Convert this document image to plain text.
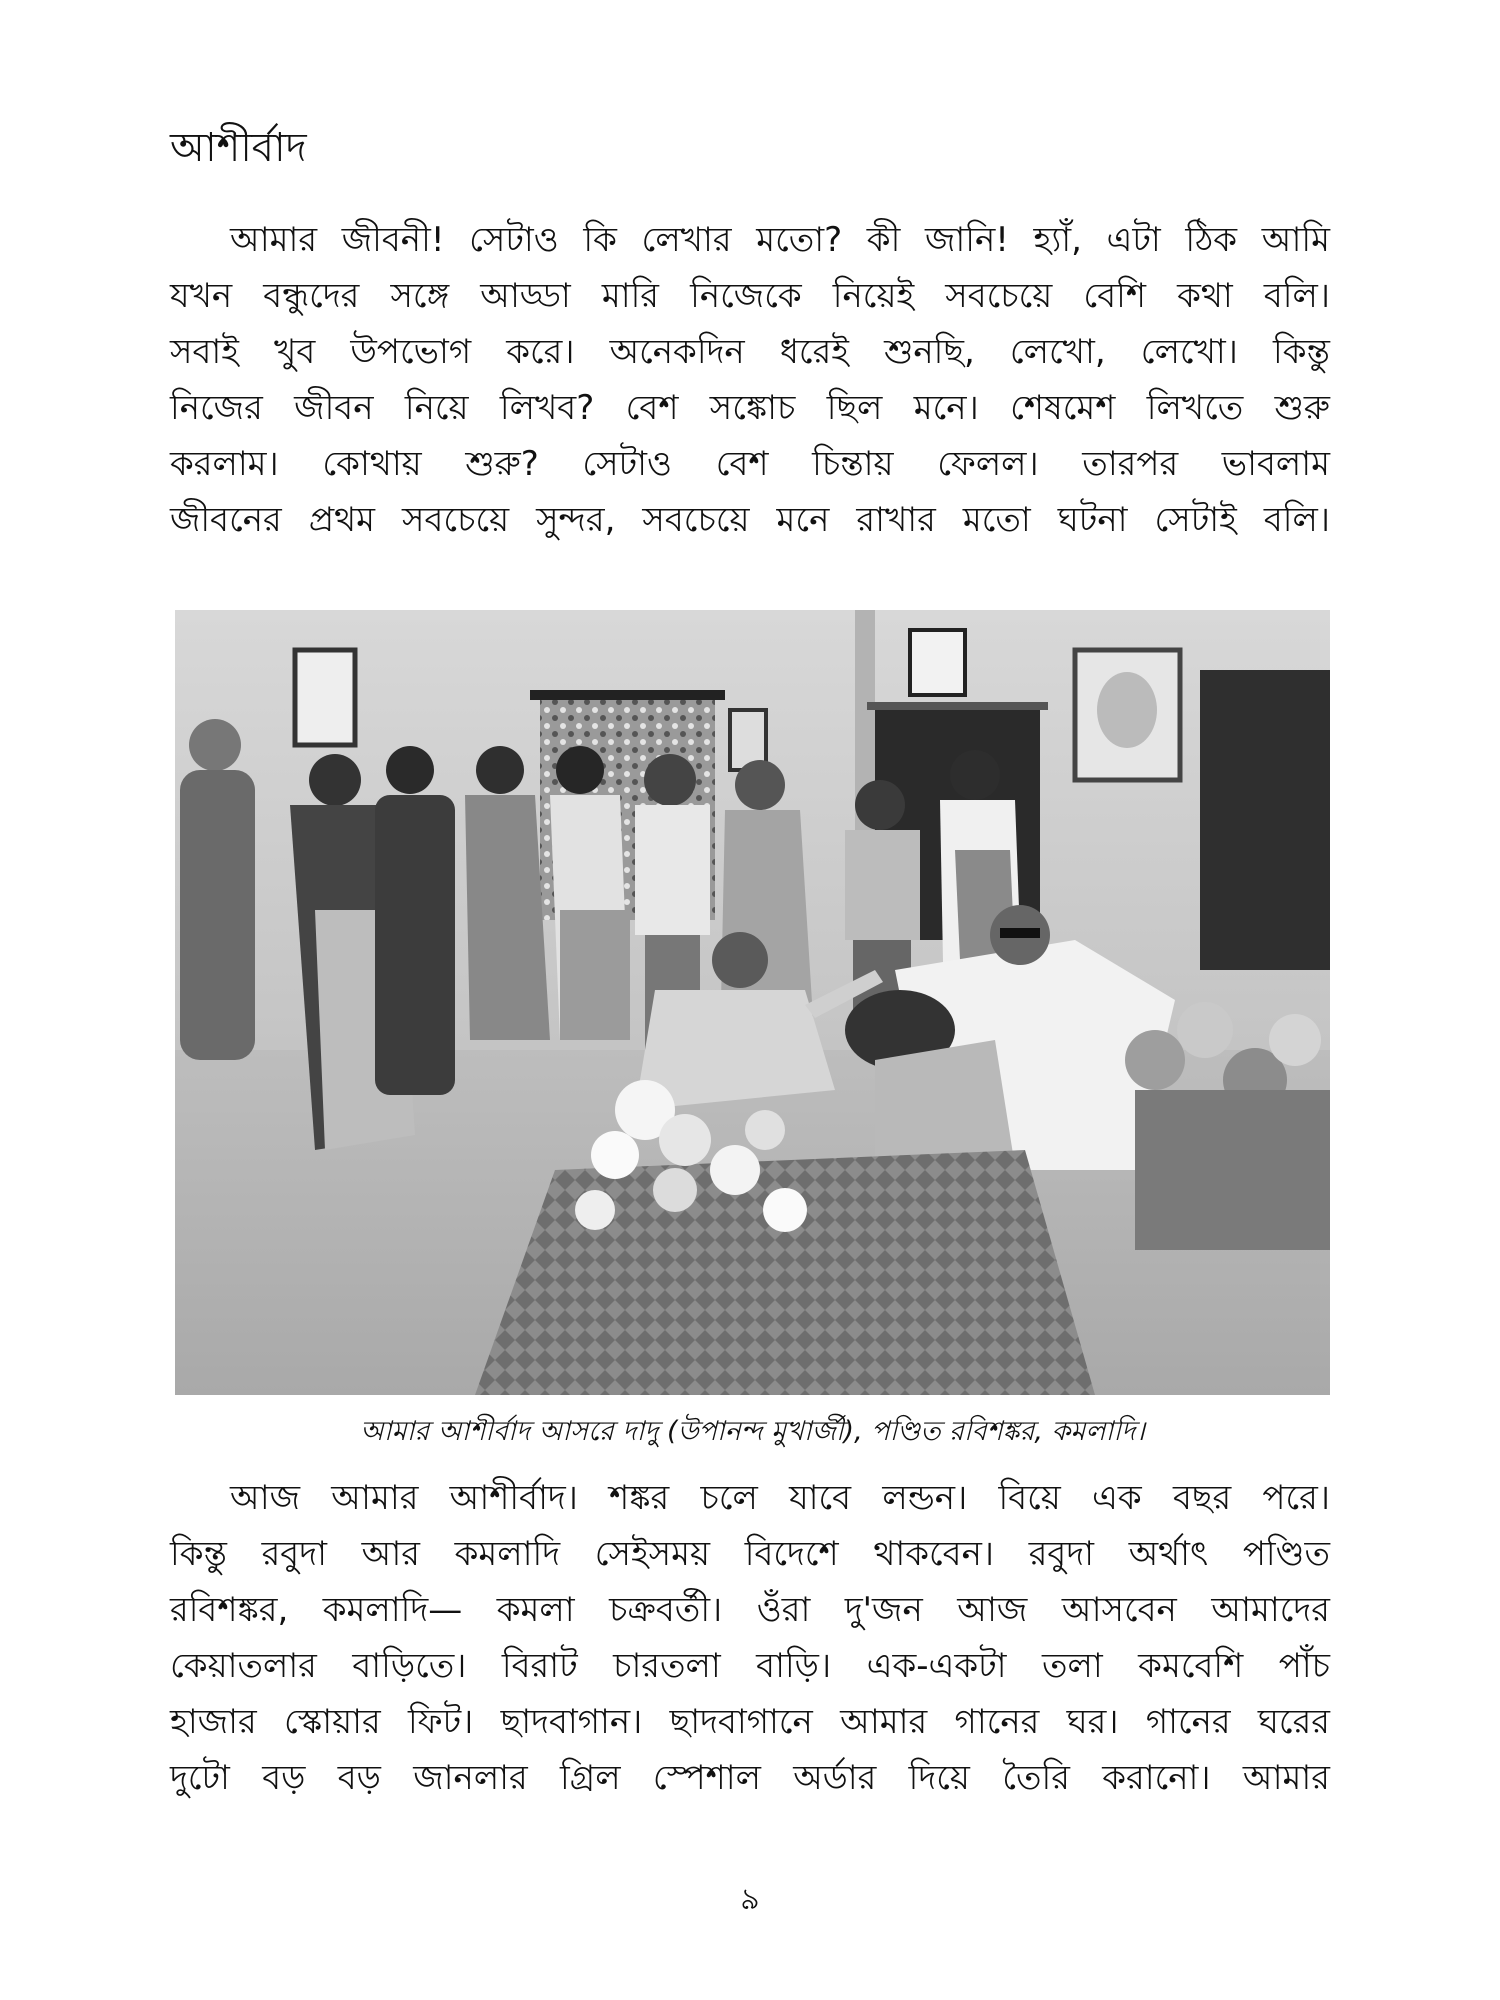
আশীর্বাদ
আমার জীবনী! সেটাও কি লেখার মতো? কী জানি! হ্যাঁ, এটা ঠিক আমি
যখন বন্ধুদের সঙ্গে আড্ডা মারি নিজেকে নিয়েই সবচেয়ে বেশি কথা বলি।
সবাই খুব উপভোগ করে। অনেকদিন ধরেই শুনছি, লেখো, লেখো। কিন্তু
নিজের জীবন নিয়ে লিখব? বেশ সঙ্কোচ ছিল মনে। শেষমেশ লিখতে শুরু
করলাম। কোথায় শুরু? সেটাও বেশ চিন্তায় ফেলল। তারপর ভাবলাম
জীবনের প্রথম সবচেয়ে সুন্দর, সবচেয়ে মনে রাখার মতো ঘটনা সেটাই বলি।

আমার আশীর্বাদ আসরে দাদু (উপানন্দ মুখার্জী), পণ্ডিত রবিশঙ্কর, কমলাদি।

আজ আমার আশীর্বাদ। শঙ্কর চলে যাবে লন্ডন। বিয়ে এক বছর পরে।
কিন্তু রবুদা আর কমলাদি সেইসময় বিদেশে থাকবেন। রবুদা অর্থাৎ পণ্ডিত
রবিশঙ্কর, কমলাদি— কমলা চক্রবর্তী। ওঁরা দু'জন আজ আসবেন আমাদের
কেয়াতলার বাড়িতে। বিরাট চারতলা বাড়ি। এক-একটা তলা কমবেশি পাঁচ
হাজার স্কোয়ার ফিট। ছাদবাগান। ছাদবাগানে আমার গানের ঘর। গানের ঘরের
দুটো বড় বড় জানলার গ্রিল স্পেশাল অর্ডার দিয়ে তৈরি করানো। আমার
৯
